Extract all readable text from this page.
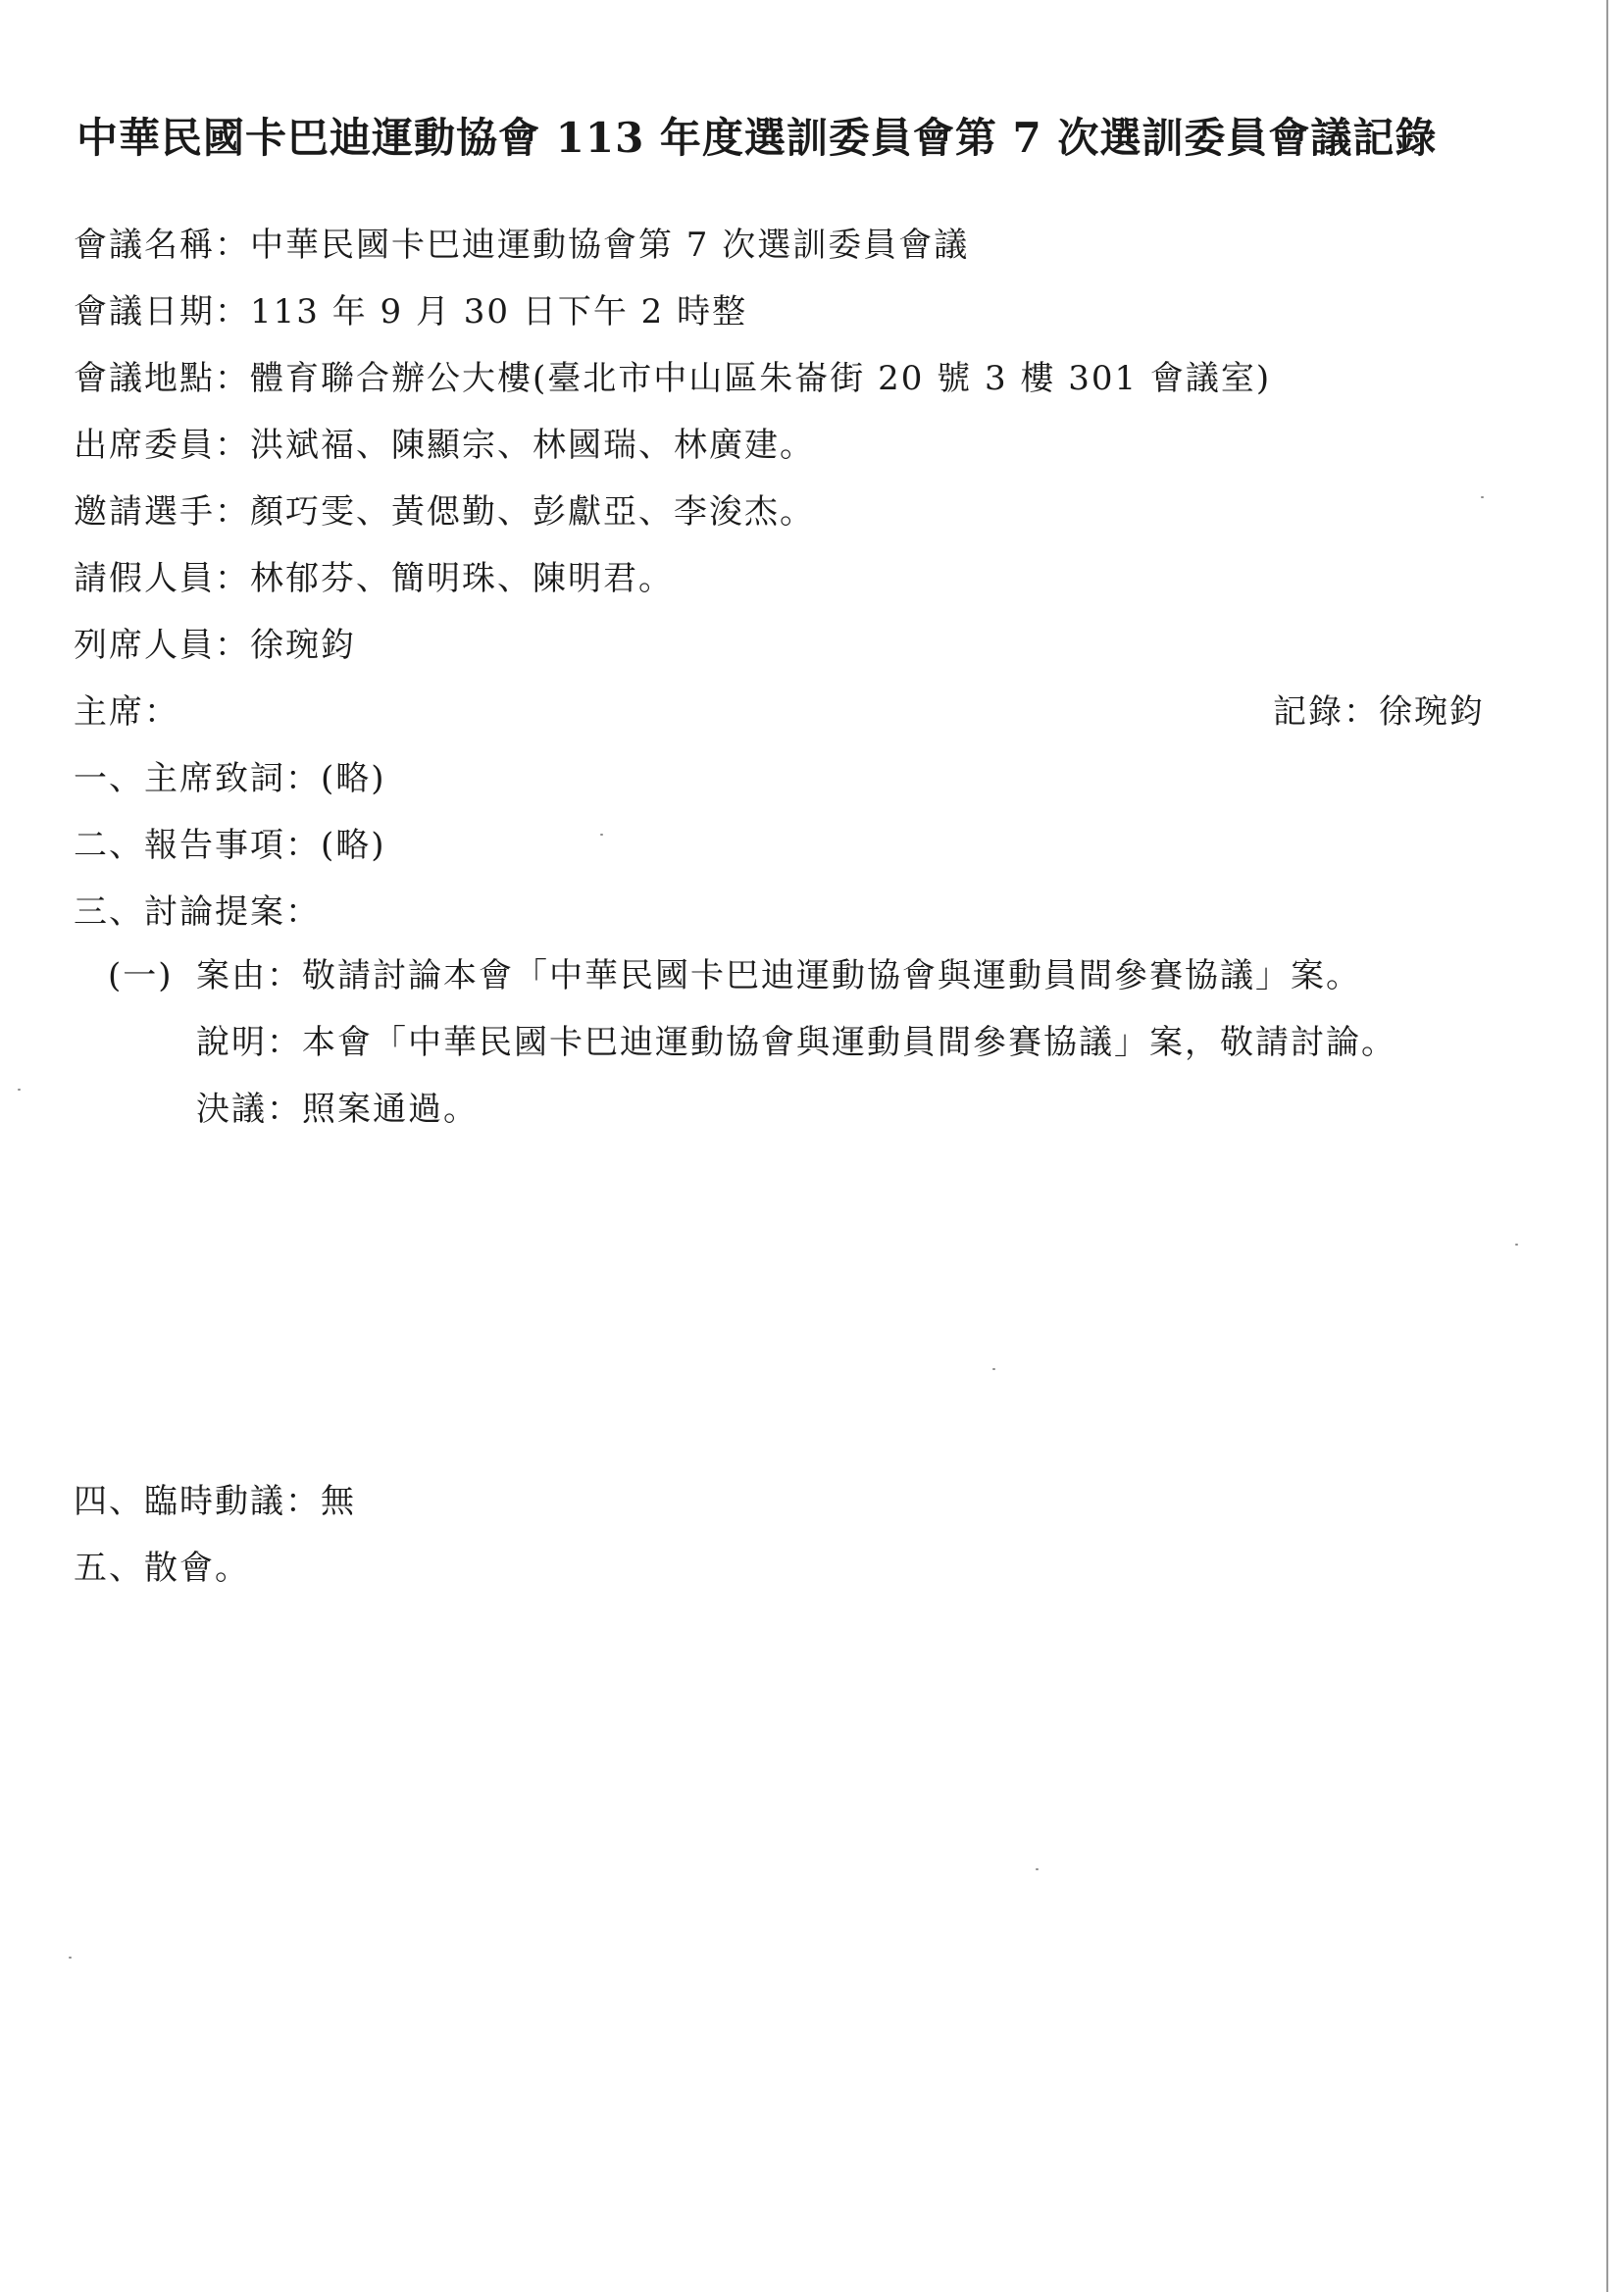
中華民國卡巴迪運動協會 113 年度選訓委員會第 7 次選訓委員會議記錄
會議名稱：中華民國卡巴迪運動協會第 7 次選訓委員會議
會議日期：113 年 9 月 30 日下午 2 時整
會議地點：體育聯合辦公大樓(臺北市中山區朱崙街 20 號 3 樓 301 會議室)
出席委員：洪斌福、陳顯宗、林國瑞、林廣建。
邀請選手：顏巧雯、黃偲勤、彭獻亞、李浚杰。
請假人員：林郁芬、簡明珠、陳明君。
列席人員：徐琬鈞
主席：	記錄：徐琬鈞
一、主席致詞：(略)
二、報告事項：(略)
三、討論提案：
(一) 案由：敬請討論本會「中華民國卡巴迪運動協會與運動員間參賽協議」案。
說明：本會「中華民國卡巴迪運動協會與運動員間參賽協議」案，敬請討論。
決議：照案通過。
四、臨時動議：無
五、散會。
